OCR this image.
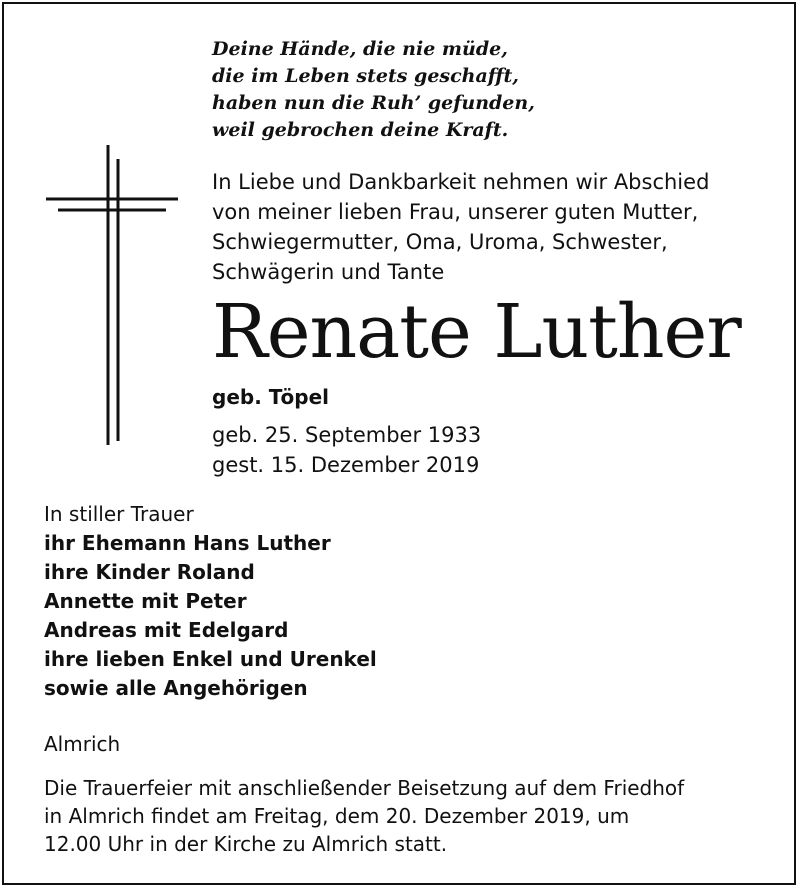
Deine Hände, die nie müde,
die im Leben stets geschafft,
haben nun die Ruh’ gefunden,
weil gebrochen deine Kraft.
In Liebe und Dankbarkeit nehmen wir Abschied
von meiner lieben Frau, unserer guten Mutter,
Schwiegermutter, Oma, Uroma, Schwester,
Schwägerin und Tante
Renate Luther
geb. Töpel
geb. 25. September 1933
gest. 15. Dezember 2019
In stiller Trauer
ihr Ehemann Hans Luther
ihre Kinder Roland
Annette mit Peter
Andreas mit Edelgard
ihre lieben Enkel und Urenkel
sowie alle Angehörigen
Almrich
Die Trauerfeier mit anschließender Beisetzung auf dem Friedhof
in Almrich findet am Freitag, dem 20. Dezember 2019, um
12.00 Uhr in der Kirche zu Almrich statt.
